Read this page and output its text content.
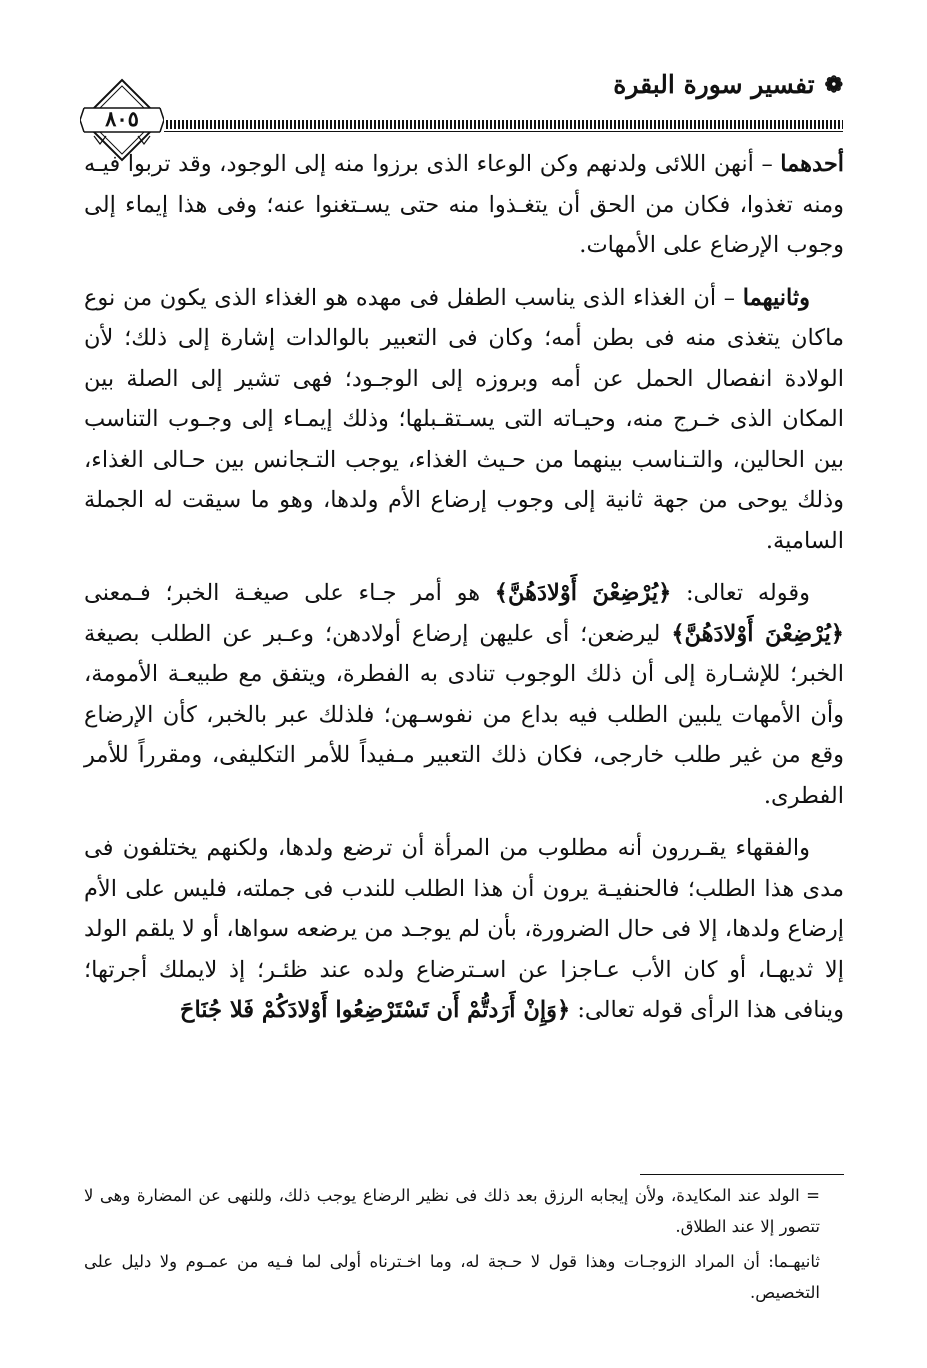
❁
تفسير سورة البقرة
٨٠٥

أحدهما – أنهن اللائى ولدنهم وكن الوعاء الذى برزوا منه إلى الوجود، وقد تربوا فيـه ومنه تغذوا، فكان من الحق أن يتغـذوا منه حتى يسـتغنوا عنه؛ وفى هذا إيماء إلى وجوب الإرضاع على الأمهات.

وثانيهما – أن الغذاء الذى يناسب الطفل فى مهده هو الغذاء الذى يكون من نوع ماكان يتغذى منه فى بطن أمه؛ وكان فى التعبير بالوالدات إشارة إلى ذلك؛ لأن الولادة انفصال الحمل عن أمه وبروزه إلى الوجـود؛ فهى تشير إلى الصلة بين المكان الذى خـرج منه، وحيـاته التى يسـتقـبلها؛ وذلك إيمـاء إلى وجـوب التناسب بين الحالين، والتـناسب بينهما من حـيث الغذاء، يوجب التـجانس بين حـالى الغذاء، وذلك يوحى من جهة ثانية إلى وجوب إرضاع الأم ولدها، وهو ما سيقت له الجملة السامية.

وقوله تعالى: ﴿يُرْضِعْنَ أَوْلادَهُنَّ﴾ هو أمر جـاء على صيغـة الخبر؛ فـمعنى ﴿يُرْضِعْنَ أَوْلادَهُنَّ﴾ ليرضعن؛ أى عليهن إرضاع أولادهن؛ وعـبر عن الطلب بصيغة الخبر؛ للإشـارة إلى أن ذلك الوجوب تنادى به الفطرة، ويتفق مع طبيعـة الأمومة، وأن الأمهات يلبين الطلب فيه بداع من نفوسـهن؛ فلذلك عبر بالخبر، كأن الإرضاع وقع من غير طلب خارجى، فكان ذلك التعبير مـفيداً للأمر التكليفى، ومقرراً للأمر الفطرى.

والفقهاء يقـررون أنه مطلوب من المرأة أن ترضع ولدها، ولكنهم يختلفون فى مدى هذا الطلب؛ فالحنفيـة يرون أن هذا الطلب للندب فى جملته، فليس على الأم إرضاع ولدها، إلا فى حال الضرورة، بأن لم يوجـد من يرضعه سواها، أو لا يلقم الولد إلا ثديهـا، أو كان الأب عـاجزا عن اسـترضاع ولده عند ظئـر؛ إذ لايملك أجرتها؛ وينافى هذا الرأى قوله تعالى: ﴿وَإِنْ أَرَدتُّمْ أَن تَسْتَرْضِعُوا أَوْلادَكُمْ فَلا جُنَاحَ

= الولد عند المكايدة، ولأن إيجابه الرزق بعد ذلك فى نظير الرضاع يوجب ذلك، وللنهى عن المضارة وهى لا تتصور إلا عند الطلاق.

ثانيهـما: أن المراد الزوجـات وهذا قول لا حـجة له، وما اخـترناه أولى لما فـيه من عمـوم ولا دليل على التخصيص.
